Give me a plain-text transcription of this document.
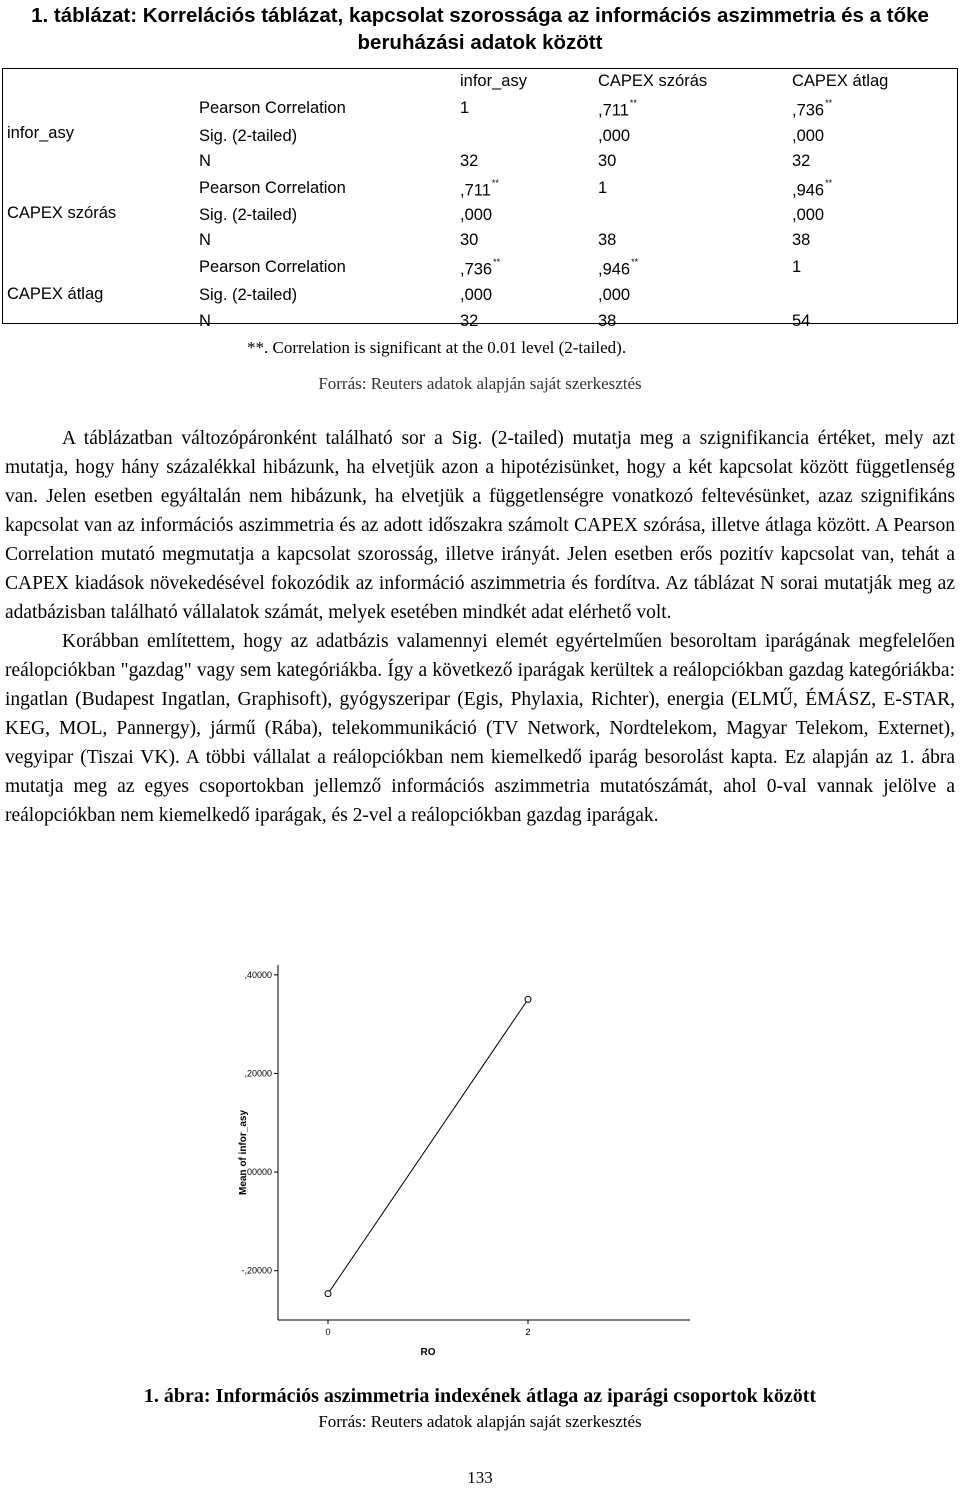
1. táblázat: Korrelációs táblázat, kapcsolat szorossága az információs aszimmetria és a tőke beruházási adatok között
		infor_asy	CAPEX szórás	CAPEX átlag
infor_asy	Pearson Correlation	1	,711**	,736**
	Sig. (2-tailed)		,000	,000
	N	32	30	32
CAPEX szórás	Pearson Correlation	,711**	1	,946**
	Sig. (2-tailed)	,000		,000
	N	30	38	38
CAPEX átlag	Pearson Correlation	,736**	,946**	1
	Sig. (2-tailed)	,000	,000	
	N	32	38	54
**. Correlation is significant at the 0.01 level (2-tailed).
Forrás: Reuters adatok alapján saját szerkesztés

A táblázatban változópáronként található sor a Sig. (2-tailed) mutatja meg a szignifikancia értéket, mely azt mutatja, hogy hány százalékkal hibázunk, ha elvetjük azon a hipotézisünket, hogy a két kapcsolat között függetlenség van. Jelen esetben egyáltalán nem hibázunk, ha elvetjük a függetlenségre vonatkozó feltevésünket, azaz szignifikáns kapcsolat van az információs aszimmetria és az adott időszakra számolt CAPEX szórása, illetve átlaga között. A Pearson Correlation mutató megmutatja a kapcsolat szorosság, illetve irányát. Jelen esetben erős pozitív kapcsolat van, tehát a CAPEX kiadások növekedésével fokozódik az információ aszimmetria és fordítva. Az táblázat N sorai mutatják meg az adatbázisban található vállalatok számát, melyek esetében mindkét adat elérhető volt.

Korábban említettem, hogy az adatbázis valamennyi elemét egyértelműen besoroltam iparágának megfelelően reálopciókban "gazdag" vagy sem kategóriákba. Így a következő iparágak kerültek a reálopciókban gazdag kategóriákba: ingatlan (Budapest Ingatlan, Graphisoft), gyógyszeripar (Egis, Phylaxia, Richter), energia (ELMŰ, ÉMÁSZ, E-STAR, KEG, MOL, Pannergy), jármű (Rába), telekommunikáció (TV Network, Nordtelekom, Magyar Telekom, Externet), vegyipar (Tiszai VK). A többi vállalat a reálopciókban nem kiemelkedő iparág besorolást kapta. Ez alapján az 1. ábra mutatja meg az egyes csoportokban jellemző információs aszimmetria mutatószámát, ahol 0-val vannak jelölve a reálopciókban nem kiemelkedő iparágak, és 2-vel a reálopciókban gazdag iparágak.

,40000
,20000
,00000
-,20000
0	2
RO
Mean of infor_asy
1. ábra: Információs aszimmetria indexének átlaga az iparági csoportok között
Forrás: Reuters adatok alapján saját szerkesztés
133
